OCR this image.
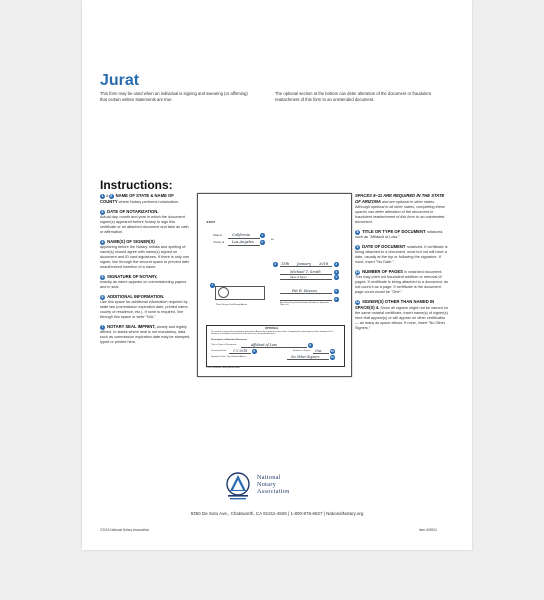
Jurat
This form may be used when an individual is signing and swearing (or affirming) that certain written statements are true.
The optional section at the bottom can deter alteration of the document or fraudulent reattachment of this form to an unintended document.
Instructions:
1 & 2 NAME OF STATE & NAME OF COUNTY where Notary performs notarization.
3 DATE OF NOTARIZATION.
Actual day, month and year in which the document signer(s) appeared before Notary to sign this certificate or an attached document and take an oath or affirmation.
4 NAME(S) OF SIGNER(S)
appearing before the Notary. Initials and spelling of name(s) should agree with name(s) signed on document and ID card signatures. If there is only one signer, line through the second space to prevent later unauthorized insertion of a name.
5 SIGNATURE OF NOTARY,
exactly as name appears on commissioning papers and in seal.
6 ADDITIONAL INFORMATION.
Use this space for additional information required by state law (commission expiration date, printed name, county of residence, etc.). If none is required, line through this space or write "N/A."
7 NOTARY SEAL IMPRINT, clearly and legibly affixed. In states where seal is not mandatory, data such as commission expiration date may be stamped, typed or printed here.
JURAT
State of	California	1
County of Los Angeles	2
ss.
3	15th January 2018	3
Michael T. Smith	4
Name of Signer	4
7
Pat R. Reeves	5
6
Place Notary Seal/Stamp Above
Any Other Required Information (Residence, Expiration Date, etc.)
OPTIONAL
This section is required for notarizations performed in Arizona but is optional in other states. Completing this information can deter alteration of the document or fraudulent reattachment of this form to an unintended document.
Description of Attached Document
Title or Type of Document:	Affidavit of Loss	8
Document Date: 1-2-2018	9	Number of Pages: One	10
Signer(s) Other Than Named Above:	No Other Signers	11
©2018 National Notary Association
SPACES 8–11 ARE REQUIRED IN THE STATE OF ARIZONA and are optional in other states. Although optional in all other states, completing these spaces can deter alteration of the document or fraudulent reattachment of this form to an unintended document.
8 TITLE OR TYPE OF DOCUMENT notarized, such as "Affidavit of Loss."
9 DATE OF DOCUMENT notarized. If certificate is being attached to a document, must but not will have a date, usually at the top or following the signature. If none, insert "No Date."
10 NUMBER OF PAGES in notarized document. This may point out fraudulent addition or removal of pages. If certificate is being attached to a document, do not count it as a page. If certificate is the document, page count would be "One."
11 SIGNER(S) OTHER THAN NAMED IN SPACE(S) 4. Since all signers might not be named on the same notarial certificate, insert name(s) of signer(s) here that appear(s) or will appear on other certificates — as many as space allows. If none, insert "No Other Signers."
National
Notary
Association
9350 De Soto Ave., Chatsworth, CA 91311-4926 | 1-800-876-6827 | NationalNotary.org
©2018 National Notary Association	Item #25924
